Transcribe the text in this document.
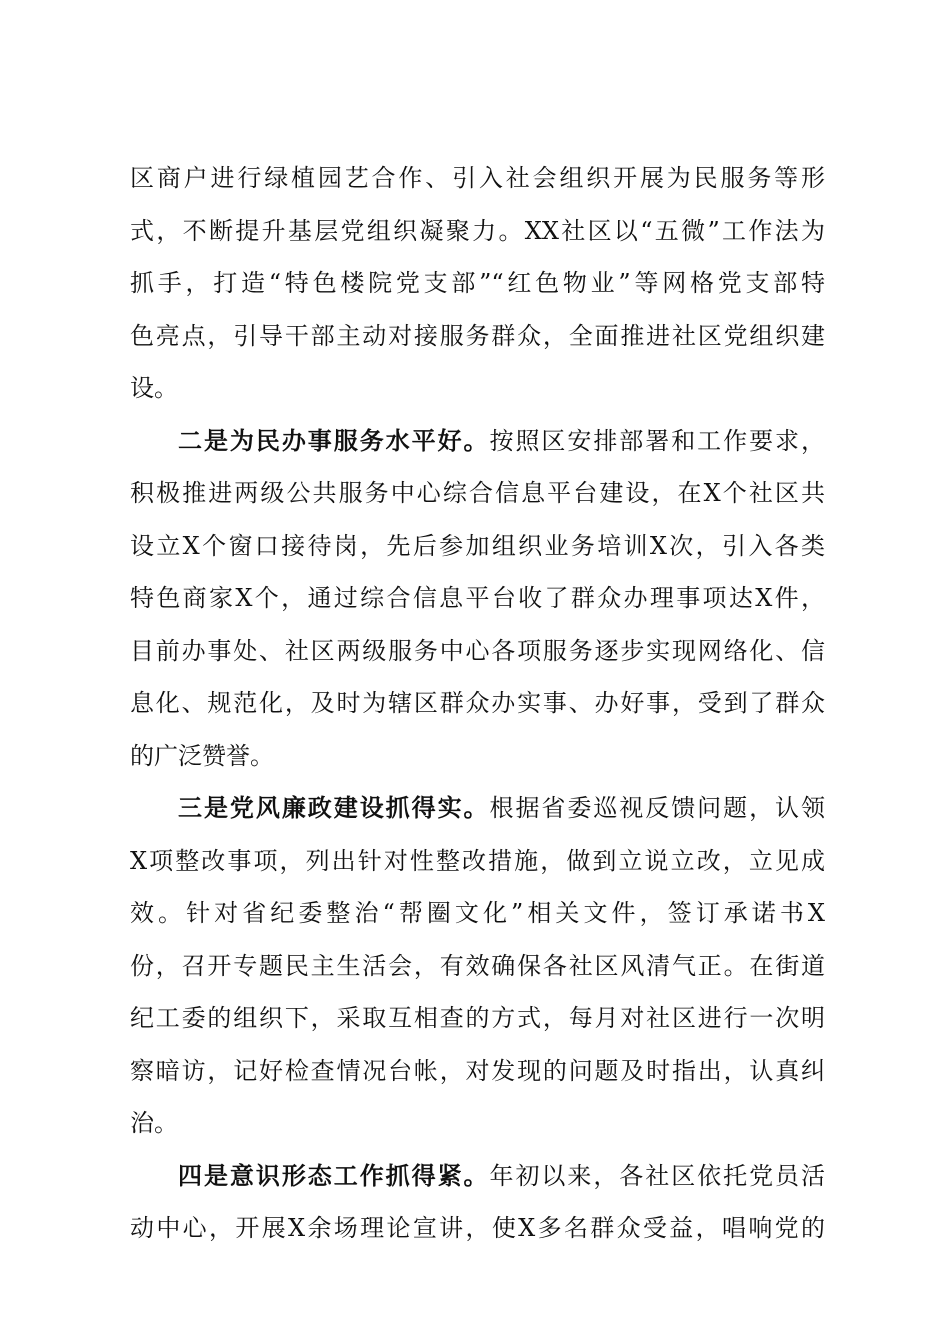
区商户进行绿植园艺合作、引入社会组织开展为民服务等形
式，不断提升基层党组织凝聚力。XX社区以“五微”工作法为
抓手，打造“特色楼院党支部”“红色物业”等网格党支部特
色亮点，引导干部主动对接服务群众，全面推进社区党组织建
设。
二是为民办事服务水平好。按照区安排部署和工作要求，
积极推进两级公共服务中心综合信息平台建设，在X个社区共
设立X个窗口接待岗，先后参加组织业务培训X次，引入各类
特色商家X个，通过综合信息平台收了群众办理事项达X件，
目前办事处、社区两级服务中心各项服务逐步实现网络化、信
息化、规范化，及时为辖区群众办实事、办好事，受到了群众
的广泛赞誉。
三是党风廉政建设抓得实。根据省委巡视反馈问题，认领
X项整改事项，列出针对性整改措施，做到立说立改，立见成
效。针对省纪委整治“帮圈文化”相关文件，签订承诺书X
份，召开专题民主生活会，有效确保各社区风清气正。在街道
纪工委的组织下，采取互相查的方式，每月对社区进行一次明
察暗访，记好检查情况台帐，对发现的问题及时指出，认真纠
治。
四是意识形态工作抓得紧。年初以来，各社区依托党员活
动中心，开展X余场理论宣讲，使X多名群众受益，唱响党的
